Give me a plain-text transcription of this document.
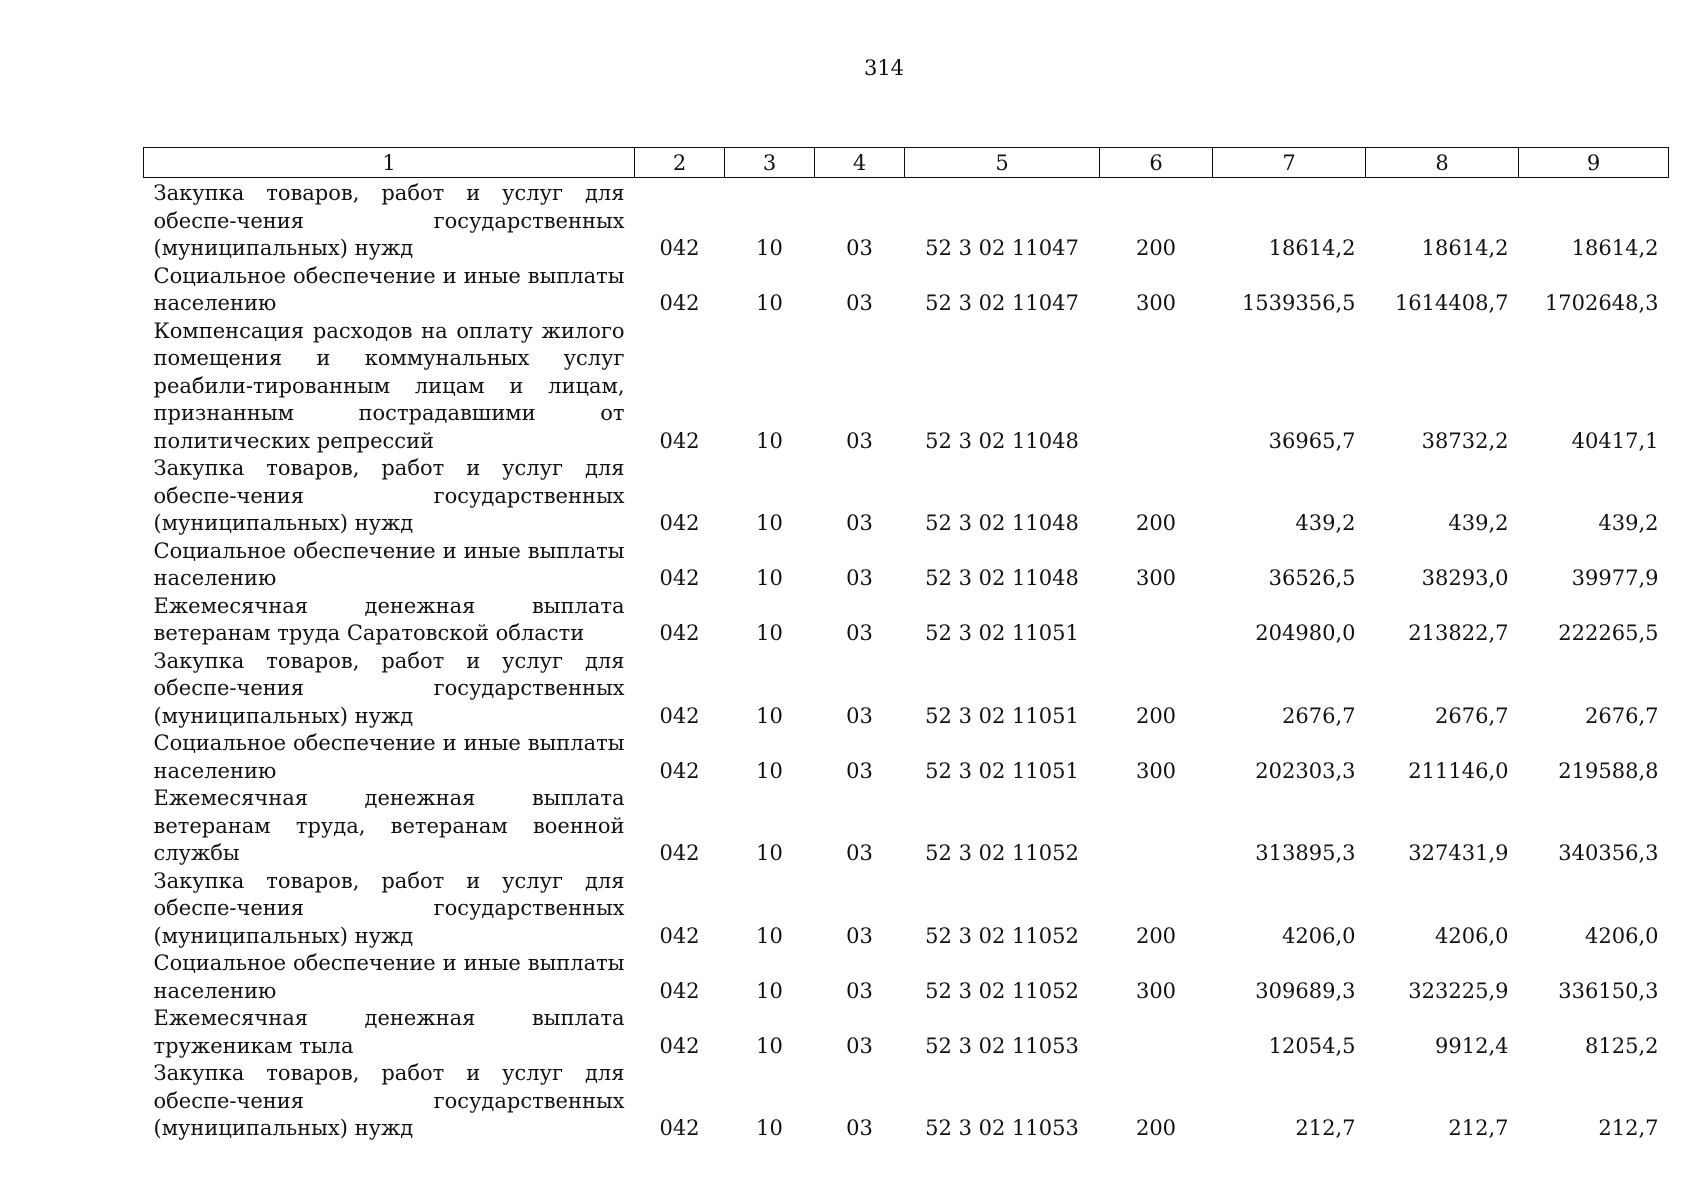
314
1	2	3	4	5	6	7	8	9
Закупка товаров, работ и услуг для обеспе-чения государственных (муниципальных) нужд	042	10	03	52 3 02 11047	200	18614,2	18614,2	18614,2
Социальное обеспечение и иные выплаты населению	042	10	03	52 3 02 11047	300	1539356,5	1614408,7	1702648,3
Компенсация расходов на оплату жилого помещения и коммунальных услуг реабили-тированным лицам и лицам, признанным пострадавшими от политических репрессий	042	10	03	52 3 02 11048		36965,7	38732,2	40417,1
Закупка товаров, работ и услуг для обеспе-чения государственных (муниципальных) нужд	042	10	03	52 3 02 11048	200	439,2	439,2	439,2
Социальное обеспечение и иные выплаты населению	042	10	03	52 3 02 11048	300	36526,5	38293,0	39977,9
Ежемесячная денежная выплата ветеранам труда Саратовской области	042	10	03	52 3 02 11051		204980,0	213822,7	222265,5
Закупка товаров, работ и услуг для обеспе-чения государственных (муниципальных) нужд	042	10	03	52 3 02 11051	200	2676,7	2676,7	2676,7
Социальное обеспечение и иные выплаты населению	042	10	03	52 3 02 11051	300	202303,3	211146,0	219588,8
Ежемесячная денежная выплата ветеранам труда, ветеранам военной службы	042	10	03	52 3 02 11052		313895,3	327431,9	340356,3
Закупка товаров, работ и услуг для обеспе-чения государственных (муниципальных) нужд	042	10	03	52 3 02 11052	200	4206,0	4206,0	4206,0
Социальное обеспечение и иные выплаты населению	042	10	03	52 3 02 11052	300	309689,3	323225,9	336150,3
Ежемесячная денежная выплата труженикам тыла	042	10	03	52 3 02 11053		12054,5	9912,4	8125,2
Закупка товаров, работ и услуг для обеспе-чения государственных (муниципальных) нужд	042	10	03	52 3 02 11053	200	212,7	212,7	212,7
